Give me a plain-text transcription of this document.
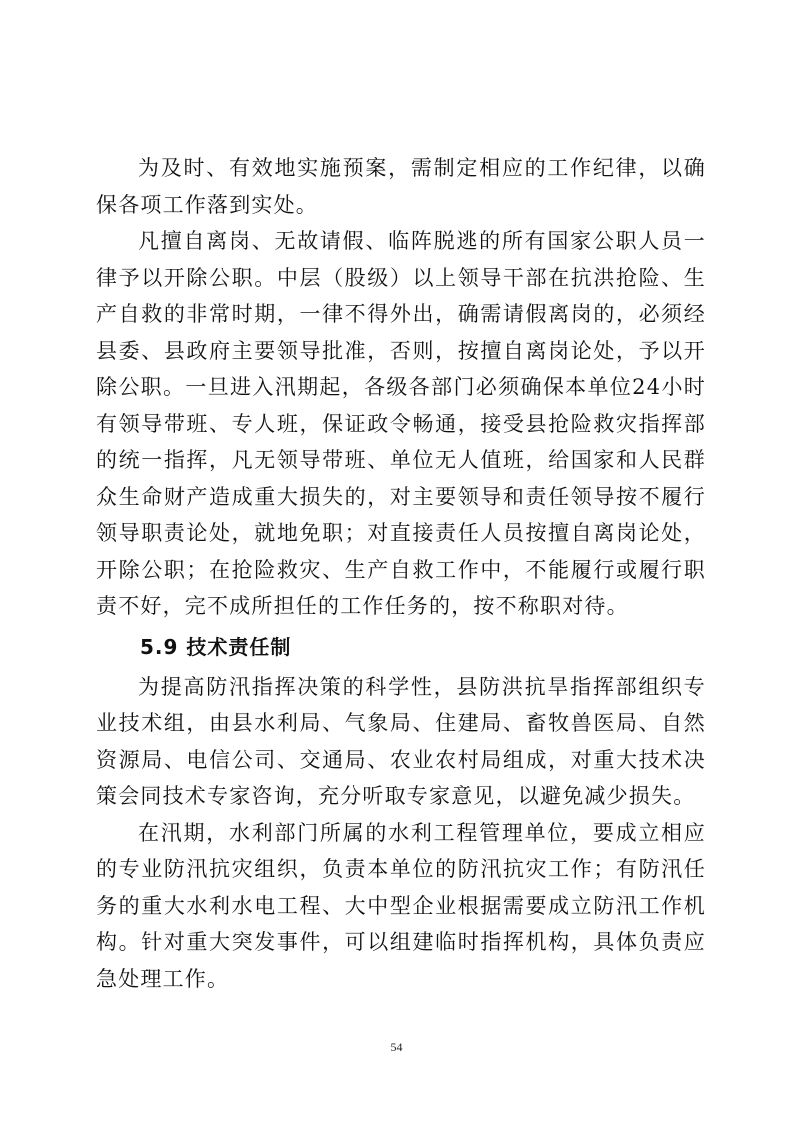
为及时、有效地实施预案，需制定相应的工作纪律，以确保各项工作落到实处。

凡擅自离岗、无故请假、临阵脱逃的所有国家公职人员一律予以开除公职。中层（股级）以上领导干部在抗洪抢险、生产自救的非常时期，一律不得外出，确需请假离岗的，必须经县委、县政府主要领导批准，否则，按擅自离岗论处，予以开除公职。一旦进入汛期起，各级各部门必须确保本单位24小时有领导带班、专人班，保证政令畅通，接受县抢险救灾指挥部的统一指挥，凡无领导带班、单位无人值班，给国家和人民群众生命财产造成重大损失的，对主要领导和责任领导按不履行领导职责论处，就地免职；对直接责任人员按擅自离岗论处，开除公职；在抢险救灾、生产自救工作中，不能履行或履行职责不好，完不成所担任的工作任务的，按不称职对待。

5.9 技术责任制

为提高防汛指挥决策的科学性，县防洪抗旱指挥部组织专业技术组，由县水利局、气象局、住建局、畜牧兽医局、自然资源局、电信公司、交通局、农业农村局组成，对重大技术决策会同技术专家咨询，充分听取专家意见，以避免减少损失。

在汛期，水利部门所属的水利工程管理单位，要成立相应的专业防汛抗灾组织，负责本单位的防汛抗灾工作；有防汛任务的重大水利水电工程、大中型企业根据需要成立防汛工作机构。针对重大突发事件，可以组建临时指挥机构，具体负责应急处理工作。

54
